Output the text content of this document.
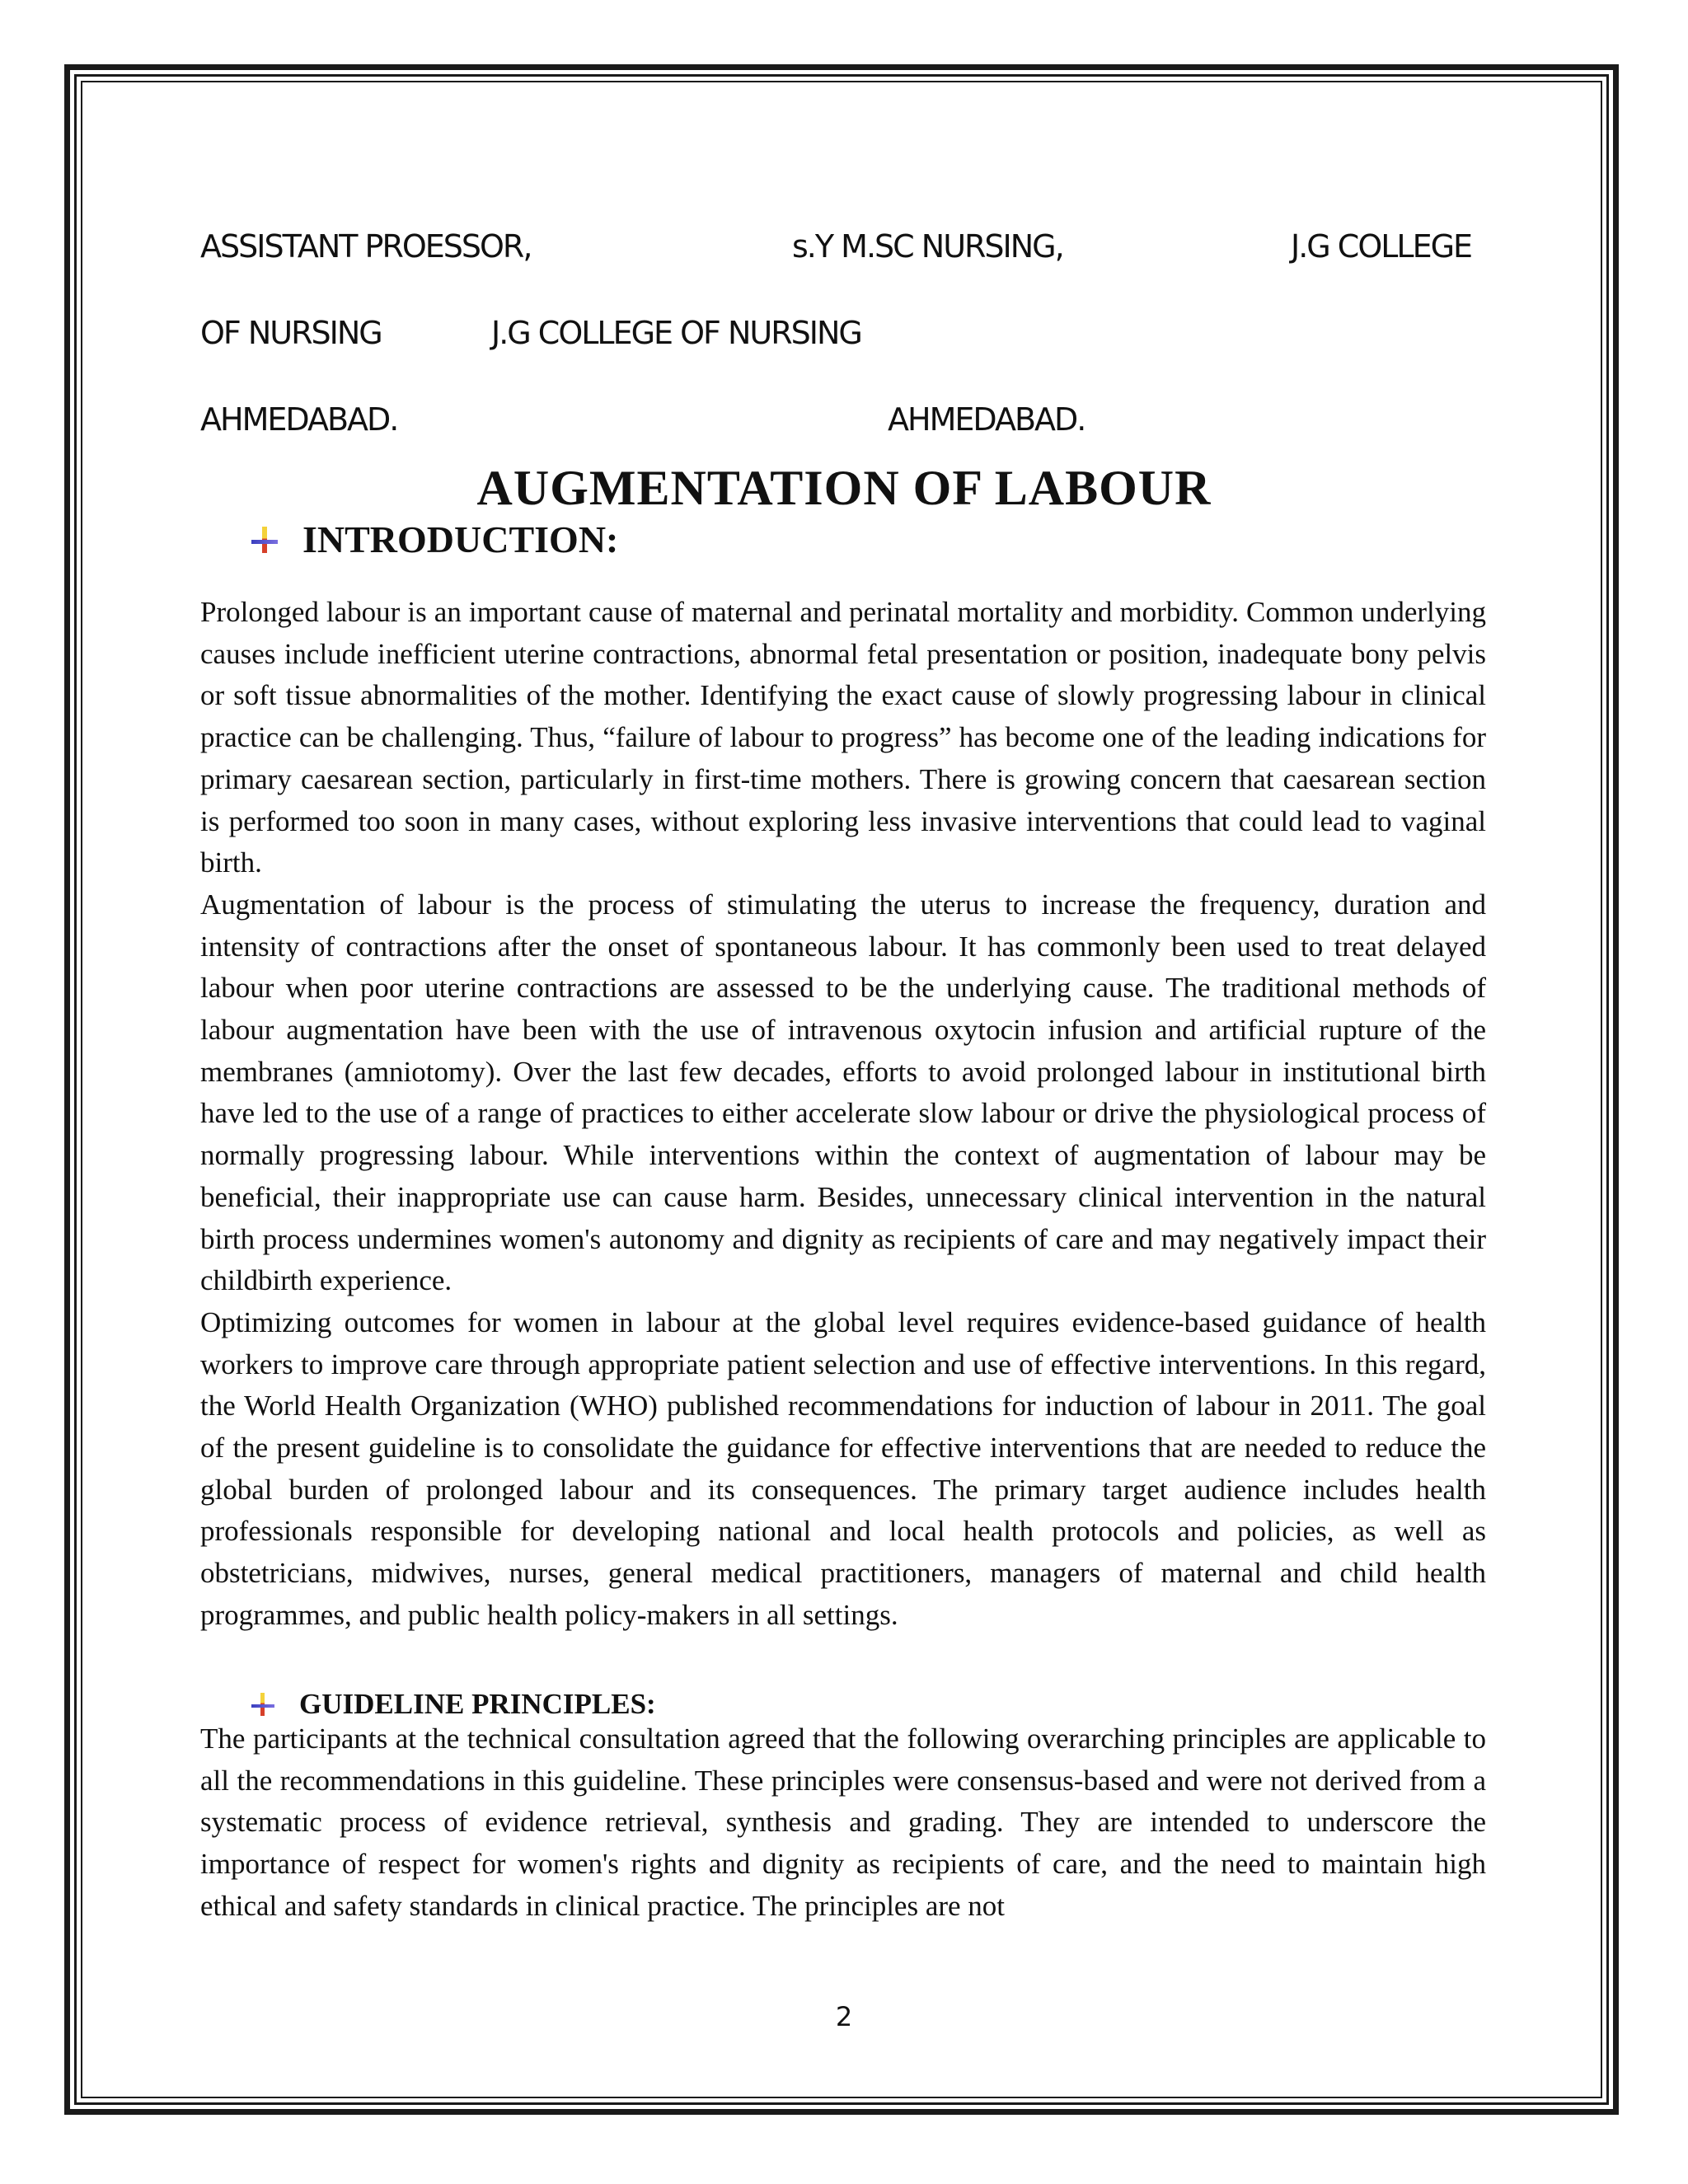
ASSISTANT PROESSOR,	s.Y M.SC NURSING,	J.G COLLEGE
OF NURSING	J.G COLLEGE OF NURSING
AHMEDABAD.	AHMEDABAD.
AUGMENTATION OF LABOUR
INTRODUCTION:

Prolonged labour is an important cause of maternal and perinatal mortality and morbidity. Common underlying causes include inefficient uterine contractions, abnormal fetal presentation or position, inadequate bony pelvis or soft tissue abnormalities of the mother. Identifying the exact cause of slowly progressing labour in clinical practice can be challenging. Thus, “failure of labour to progress” has become one of the leading indications for primary caesarean section, particularly in first-time mothers. There is growing concern that caesarean section is performed too soon in many cases, without exploring less invasive interventions that could lead to vaginal birth.

Augmentation of labour is the process of stimulating the uterus to increase the frequency, duration and intensity of contractions after the onset of spontaneous labour. It has commonly been used to treat delayed labour when poor uterine contractions are assessed to be the underlying cause. The traditional methods of labour augmentation have been with the use of intravenous oxytocin infusion and artificial rupture of the membranes (amniotomy). Over the last few decades, efforts to avoid prolonged labour in institutional birth have led to the use of a range of practices to either accelerate slow labour or drive the physiological process of normally progressing labour. While interventions within the context of augmentation of labour may be beneficial, their inappropriate use can cause harm. Besides, unnecessary clinical intervention in the natural birth process undermines women's autonomy and dignity as recipients of care and may negatively impact their childbirth experience.

Optimizing outcomes for women in labour at the global level requires evidence-based guidance of health workers to improve care through appropriate patient selection and use of effective interventions. In this regard, the World Health Organization (WHO) published recommendations for induction of labour in 2011. The goal of the present guideline is to consolidate the guidance for effective interventions that are needed to reduce the global burden of prolonged labour and its consequences. The primary target audience includes health professionals responsible for developing national and local health protocols and policies, as well as obstetricians, midwives, nurses, general medical practitioners, managers of maternal and child health programmes, and public health policy-makers in all settings.

GUIDELINE PRINCIPLES:

The participants at the technical consultation agreed that the following overarching principles are applicable to all the recommendations in this guideline. These principles were consensus-based and were not derived from a systematic process of evidence retrieval, synthesis and grading. They are intended to underscore the importance of respect for women's rights and dignity as recipients of care, and the need to maintain high ethical and safety standards in clinical practice. The principles are not

2
